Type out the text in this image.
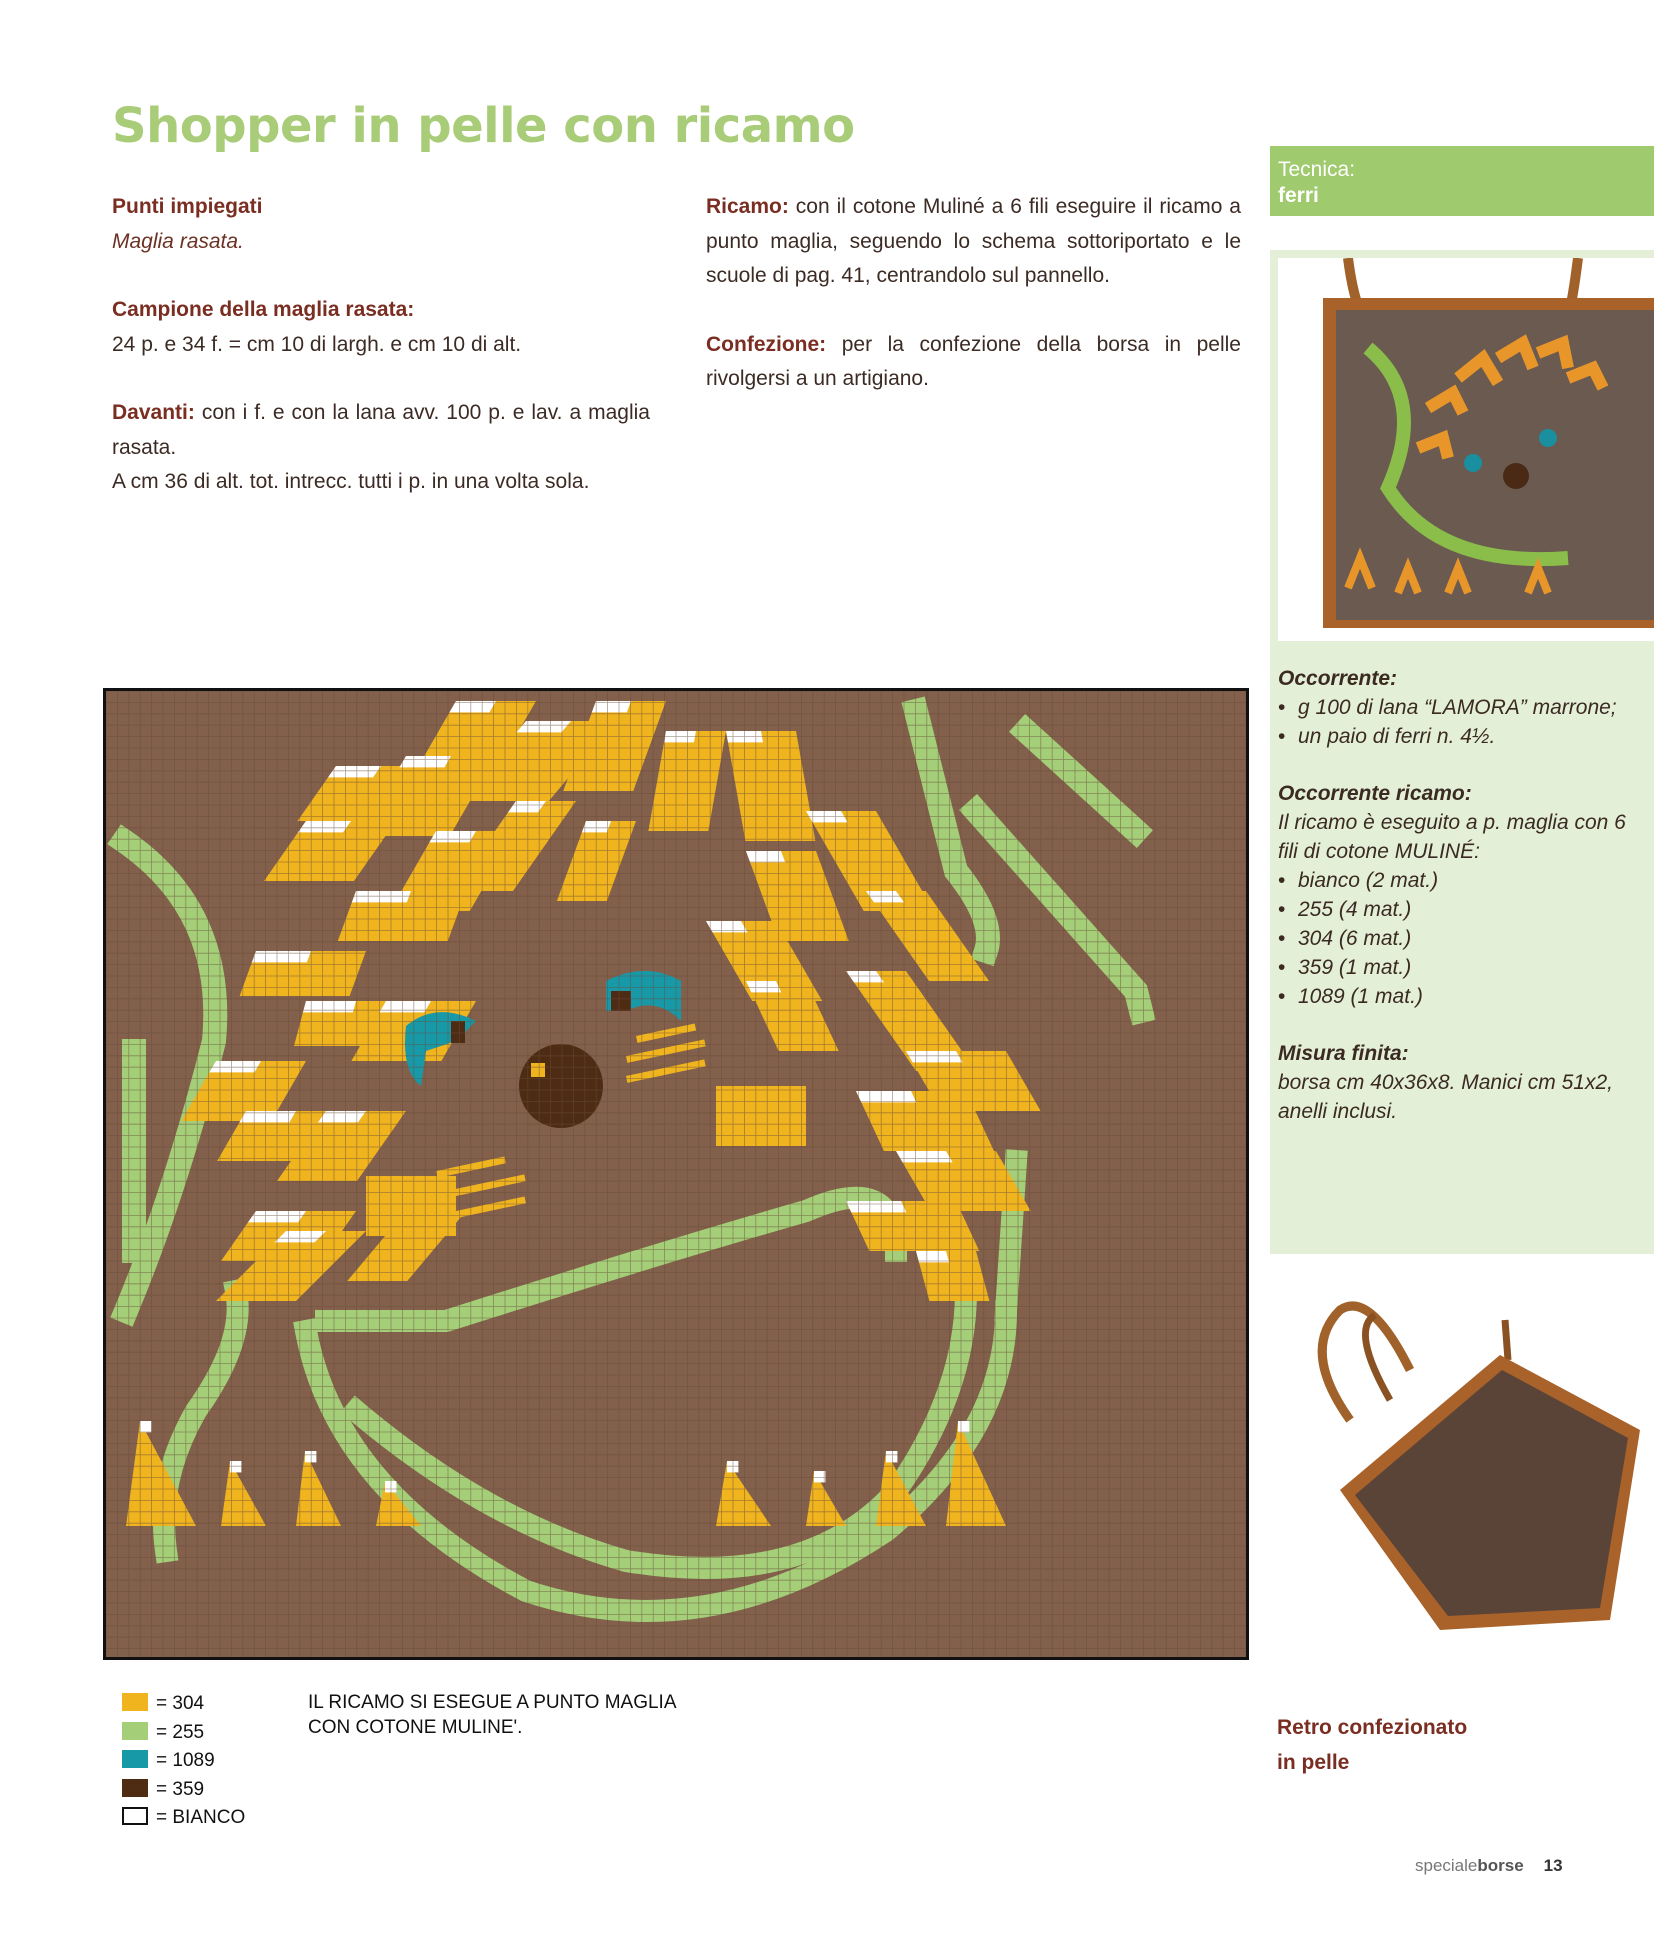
Shopper in pelle con ricamo

Punti impiegati
Maglia rasata.

Campione della maglia rasata:
24 p. e 34 f. = cm 10 di largh. e cm 10 di alt.

Davanti: con i f. e con la lana avv. 100 p. e lav. a maglia rasata.
A cm 36 di alt. tot. intrecc. tutti i p. in una volta sola.

Ricamo: con il cotone Muliné a 6 fili eseguire il ricamo a punto maglia, seguendo lo schema sottoriportato e le scuole di pag. 41, centrandolo sul pannello.

Confezione: per la confezione della borsa in pelle rivolgersi a un artigiano.

Tecnica:
ferri
Occorrente:
• g 100 di lana “LAMORA” marrone;
• un paio di ferri n. 4½.
Occorrente ricamo:
Il ricamo è eseguito a p. maglia con 6 fili di cotone MULINÉ:
• bianco (2 mat.)
• 255 (4 mat.)
• 304 (6 mat.)
• 359 (1 mat.)
• 1089 (1 mat.)
Misura finita:
borsa cm 40x36x8. Manici cm 51x2, anelli inclusi.
= 304
= 255
= 1089
= 359
= BIANCO
IL RICAMO SI ESEGUE A PUNTO MAGLIA
CON COTONE MULINE'.	Retro confezionato
in pelle
specialeborse 13
